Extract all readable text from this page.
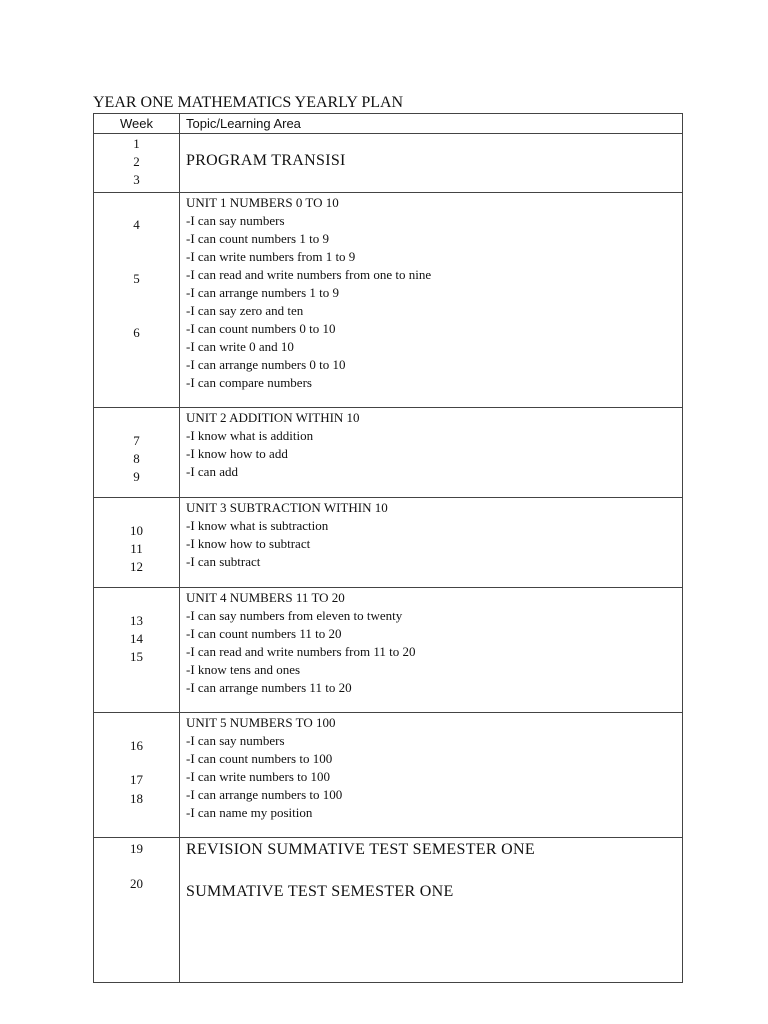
YEAR ONE MATHEMATICS YEARLY PLAN
Week	Topic/Learning Area
1
2
3
PROGRAM TRANSISI
4
5
6
UNIT 1 NUMBERS 0 TO 10
-I can say numbers
-I can count numbers 1 to 9
-I can write numbers from 1 to 9
-I can read and write numbers from one to nine
-I can arrange numbers 1 to 9
-I can say zero and ten
-I can count numbers 0 to 10
-I can write 0 and 10
-I can arrange numbers 0 to 10
-I can compare numbers
7
8
9
UNIT 2 ADDITION WITHIN 10
-I know what is addition
-I know how to add
-I can add
10
11
12
UNIT 3 SUBTRACTION WITHIN 10
-I know what is subtraction
-I know how to subtract
-I can subtract
13
14
15
UNIT 4 NUMBERS 11 TO 20
-I can say numbers from eleven to twenty
-I can count numbers 11 to 20
-I can read and write numbers from 11 to 20
-I know tens and ones
-I can arrange numbers 11 to 20
16
17
18
UNIT 5 NUMBERS TO 100
-I can say numbers
-I can count numbers to 100
-I can write numbers to 100
-I can arrange numbers to 100
-I can name my position
19
20
REVISION SUMMATIVE TEST SEMESTER ONE
SUMMATIVE TEST SEMESTER ONE
